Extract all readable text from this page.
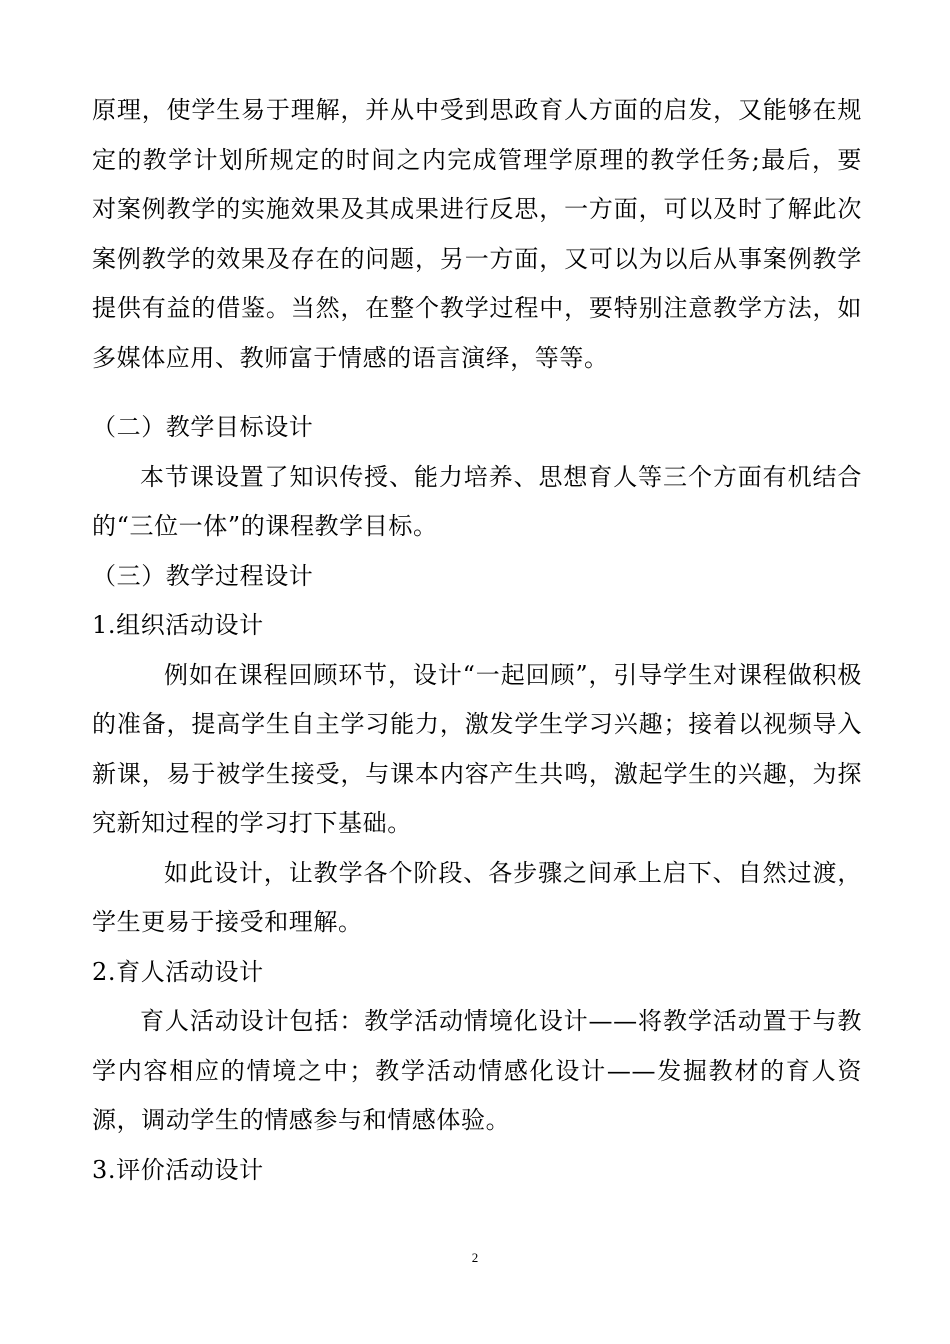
原理，使学生易于理解，并从中受到思政育人方面的启发，又能够在规定的教学计划所规定的时间之内完成管理学原理的教学任务;最后，要对案例教学的实施效果及其成果进行反思，一方面，可以及时了解此次案例教学的效果及存在的问题，另一方面，又可以为以后从事案例教学提供有益的借鉴。当然，在整个教学过程中，要特别注意教学方法，如多媒体应用、教师富于情感的语言演绎，等等。

（二）教学目标设计

本节课设置了知识传授、能力培养、思想育人等三个方面有机结合的“三位一体”的课程教学目标。

（三）教学过程设计

1.组织活动设计

例如在课程回顾环节，设计“一起回顾”，引导学生对课程做积极的准备，提高学生自主学习能力，激发学生学习兴趣；接着以视频导入新课，易于被学生接受，与课本内容产生共鸣，激起学生的兴趣，为探究新知过程的学习打下基础。

如此设计，让教学各个阶段、各步骤之间承上启下、自然过渡，学生更易于接受和理解。

2.育人活动设计

育人活动设计包括：教学活动情境化设计——将教学活动置于与教学内容相应的情境之中；教学活动情感化设计——发掘教材的育人资源，调动学生的情感参与和情感体验。

3.评价活动设计

2
